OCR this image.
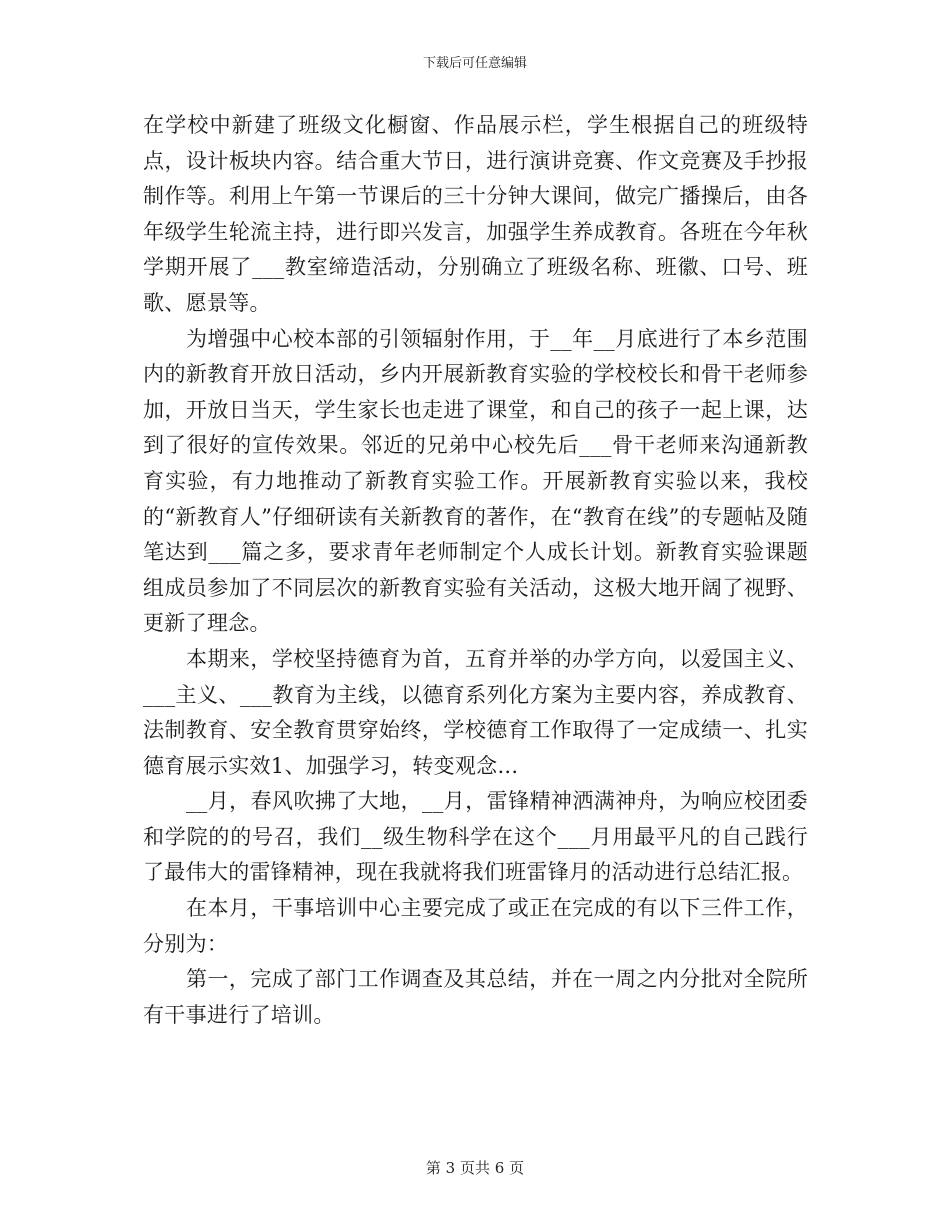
下载后可任意编辑

在学校中新建了班级文化橱窗、作品展示栏，学生根据自己的班级特点，设计板块内容。结合重大节日，进行演讲竞赛、作文竞赛及手抄报制作等。利用上午第一节课后的三十分钟大课间，做完广播操后，由各年级学生轮流主持，进行即兴发言，加强学生养成教育。各班在今年秋学期开展了___教室缔造活动，分别确立了班级名称、班徽、口号、班歌、愿景等。

为增强中心校本部的引领辐射作用，于__年__月底进行了本乡范围内的新教育开放日活动，乡内开展新教育实验的学校校长和骨干老师参加，开放日当天，学生家长也走进了课堂，和自己的孩子一起上课，达到了很好的宣传效果。邻近的兄弟中心校先后___骨干老师来沟通新教育实验，有力地推动了新教育实验工作。开展新教育实验以来，我校的“新教育人”仔细研读有关新教育的著作，在“教育在线”的专题帖及随笔达到___篇之多，要求青年老师制定个人成长计划。新教育实验课题组成员参加了不同层次的新教育实验有关活动，这极大地开阔了视野、更新了理念。

本期来，学校坚持德育为首，五育并举的办学方向，以爱国主义、___主义、___教育为主线，以德育系列化方案为主要内容，养成教育、法制教育、安全教育贯穿始终，学校德育工作取得了一定成绩一、扎实德育展示实效1、加强学习，转变观念...

__月，春风吹拂了大地，__月，雷锋精神洒满神舟，为响应校团委和学院的的号召，我们__级生物科学在这个___月用最平凡的自己践行了最伟大的雷锋精神，现在我就将我们班雷锋月的活动进行总结汇报。

在本月，干事培训中心主要完成了或正在完成的有以下三件工作，分别为：

第一，完成了部门工作调查及其总结，并在一周之内分批对全院所有干事进行了培训。

第 3 页共 6 页
